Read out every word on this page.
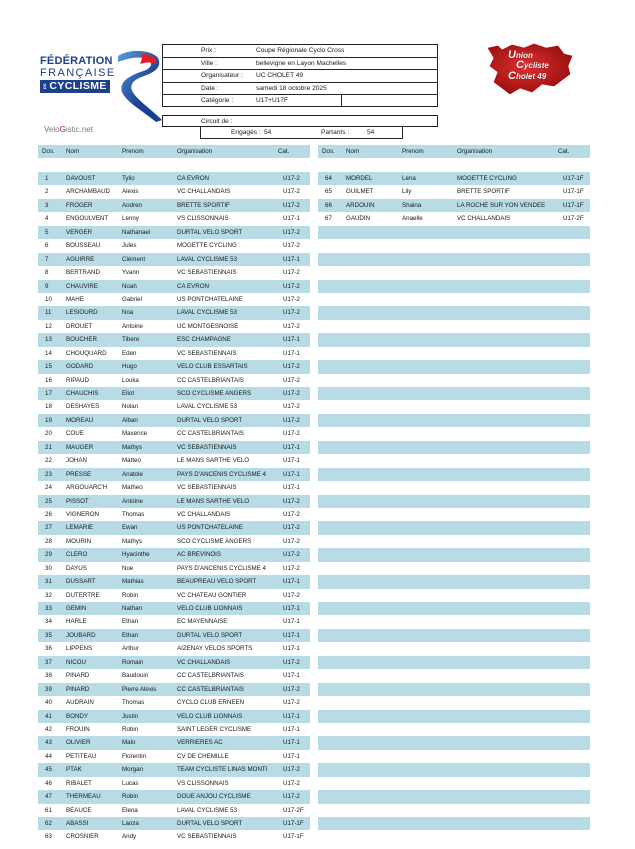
FÉDÉRATION
FRANÇAISE
DE CYCLISME
VeloGistic.net
Prix :	Coupe Régionale Cyclo Cross
Ville :	bellevigne en Layon Machelles
Organisateur : UC CHOLET 49
Date :	samedi 18 octobre 2025
Catégorie :	U17+U17F
Circuit de :
Engagés : 54	Partants :	54
Union
Cycliste
Cholet 49
Dos.	Nom	Prenom	Organisation	Cat.
1	DAVOUST	Tylio	CA EVRON	U17-2
2	ARCHAMBAUD	Alexis	VC CHALLANDAIS	U17-2
3	FROGER	Aodren	BRETTE SPORTIF	U17-2
4	ENGOULVENT	Lenny	VS CLISSONNAIS	U17-1
5	VERGER	Nathanael	DURTAL VELO SPORT	U17-2
6	BOUSSEAU	Jules	MOGETTE CYCLING	U17-2
7	AGUIRRE	Clément	LAVAL CYCLISME 53	U17-1
8	BERTRAND	Yvann	VC SEBASTIENNAIS	U17-2
9	CHAUVIRE	Noah	CA EVRON	U17-2
10	MAHE	Gabriel	US PONTCHATELAINE	U17-2
11	LESIOURD	Noa	LAVAL CYCLISME 53	U17-2
12	DROUET	Antoine	UC MONTGESNOISE	U17-2
13	BOUCHER	Tibere	ESC CHAMPAGNE	U17-1
14	CHOUQUARD	Eden	VC SEBASTIENNAIS	U17-1
15	GODARD	Hugo	VELO CLUB ESSARTAIS	U17-2
16	RIPAUD	Louka	CC CASTELBRIANTAIS	U17-2
17	CHAUCHIS	Eliot	SCO CYCLISME ANGERS	U17-2
18	DESHAYES	Nolan	LAVAL CYCLISME 53	U17-2
19	MOREAU	Alban	DURTAL VELO SPORT	U17-2
20	COUE	Maxence	CC CASTELBRIANTAIS	U17-2
21	MAUGER	Mathys	VC SEBASTIENNAIS	U17-1
22	JOHAN	Matteo	LE MANS SARTHE VELO	U17-1
23	PRESSE	Anatole	PAYS D'ANCENIS CYCLISME 4	U17-1
24	ARGOUARC'H	Matheo	VC SEBASTIENNAIS	U17-1
25	PISSOT	Antoine	LE MANS SARTHE VELO	U17-2
26	VIGNERON	Thomas	VC CHALLANDAIS	U17-2
27	LEMARIÉ	Ewan	US PONTCHATELAINE	U17-2
28	MOURIN	Mathys	SCO CYCLISME ANGERS	U17-2
29	CLERO	Hyacinthe	AC BREVINOIS	U17-2
30	DAYUS	Noe	PAYS D'ANCENIS CYCLISME 4	U17-2
31	DUSSART	Mathias	BEAUPREAU VELO SPORT	U17-1
32	DUTERTRE	Robin	VC CHATEAU GONTIER	U17-2
33	GEMIN	Nathan	VELO CLUB LIONNAIS	U17-1
34	HARLE	Ethan	EC MAYENNAISE	U17-1
35	JOUBARD	Ethan	DURTAL VELO SPORT	U17-1
36	LIPPENS	Arthur	AIZENAY VELOS SPORTS	U17-1
37	NICOU	Romain	VC CHALLANDAIS	U17-2
38	PINARD	Baudouin	CC CASTELBRIANTAIS	U17-1
39	PINARD	Pierre Alexis	CC CASTELBRIANTAIS	U17-2
40	AUDRAIN	Thomas	CYCLO CLUB ERNEEN	U17-2
41	BONDY	Justin	VELO CLUB LIONNAIS	U17-1
42	FROUIN	Robin	SAINT LEGER CYCLISME	U17-1
43	OLIVIER	Malo	VERRIERES AC	U17-1
44	PETITEAU	Florentin	CV DE CHEMILLE	U17-1
45	PTAK	Morgan	TEAM CYCLISTE LINAS MONTI	U17-2
46	RIBALET	Lucas	VS CLISSONNAIS	U17-2
47	THERMEAU	Robin	DOUE ANJOU CYCLISME	U17-2
61	BEAUCE	Elena	LAVAL CYCLISME 53	U17-2F
62	ABASSI	Laoza	DURTAL VELO SPORT	U17-1F
63	CROSNIER	Andy	VC SEBASTIENNAIS	U17-1F
Dos.	Nom	Prenom	Organisation	Cat.
64	MORDEL	Lena	MOGETTE CYCLING	U17-1F
65	GUILMET	Lily	BRETTE SPORTIF	U17-1F
66	ARDOUIN	Shaina	LA ROCHE SUR YON VENDEE	U17-1F
67	GAUDIN	Anaelle	VC CHALLANDAIS	U17-2F
